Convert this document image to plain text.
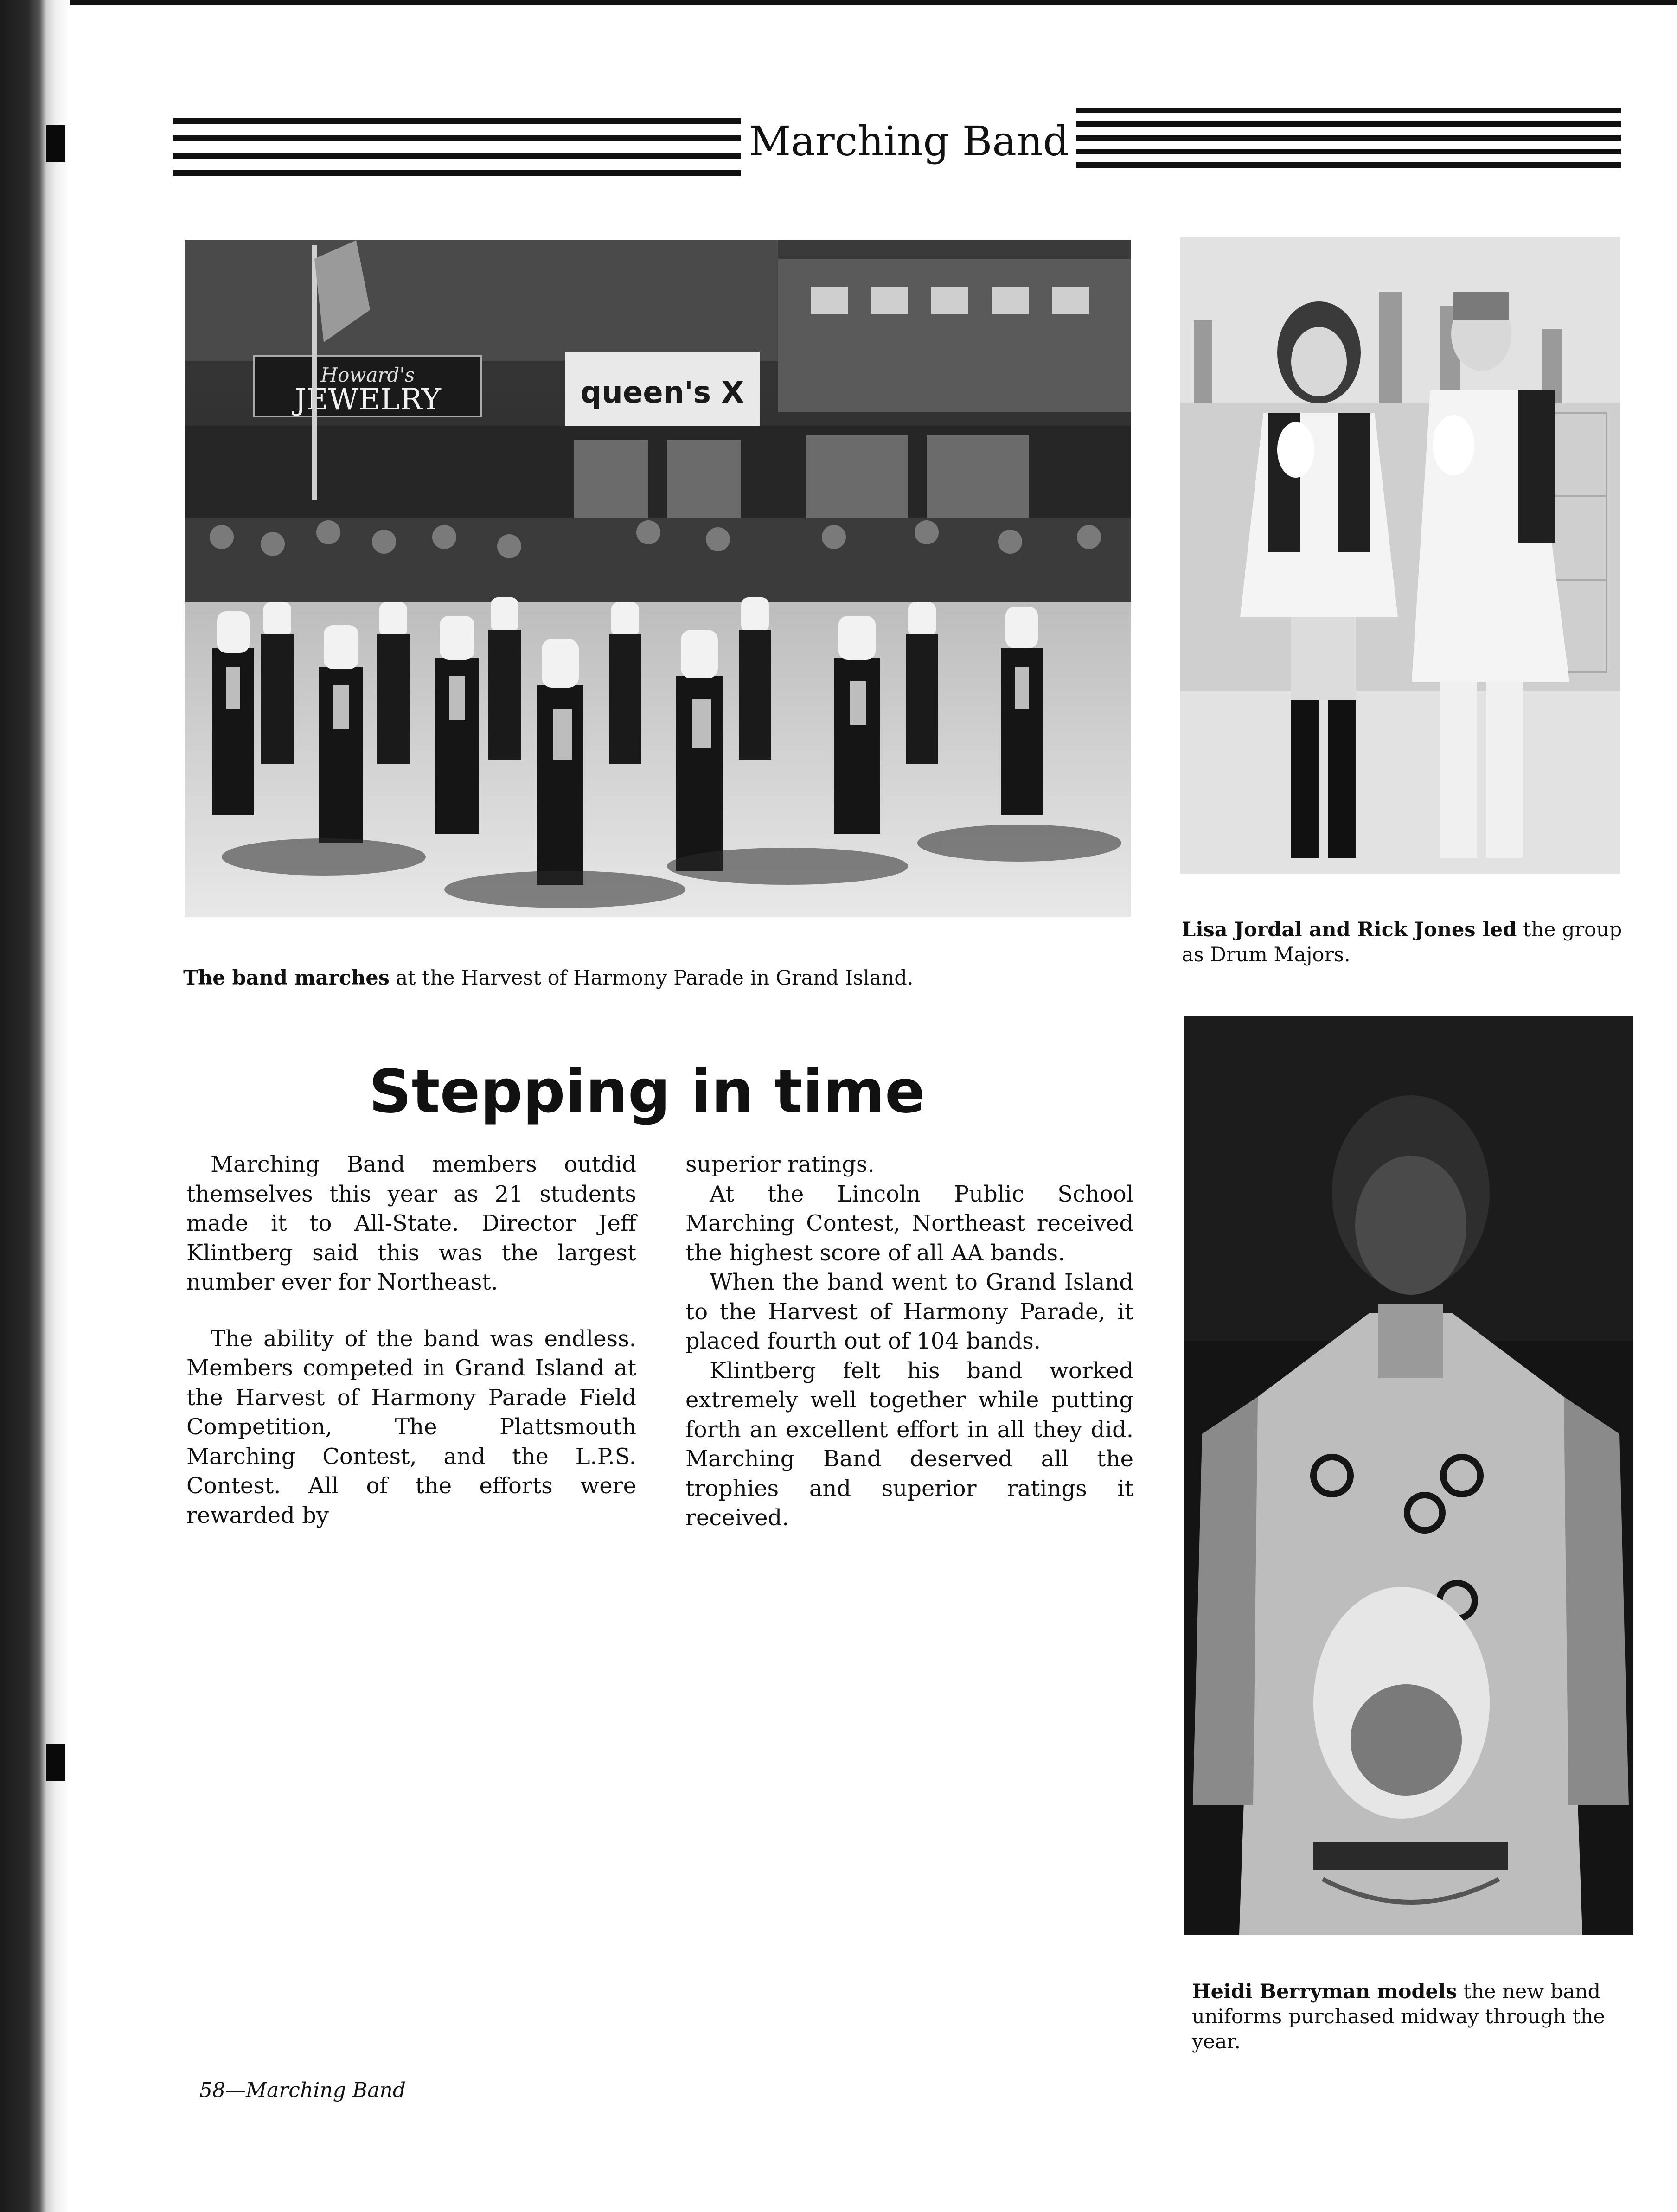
Marching Band
Howard's
JEWELRY	queen's X
The band marches at the Harvest of Harmony Parade in Grand Island.
Lisa Jordal and Rick Jones led the group as Drum Majors.
Heidi Berryman models the new band uniforms purchased midway through the year.
Stepping in time

Marching Band members outdid themselves this year as 21 students made it to All-State. Director Jeff Klintberg said this was the largest number ever for Northeast.

The ability of the band was endless. Members competed in Grand Island at the Harvest of Harmony Parade Field Competition, The Plattsmouth Marching Contest, and the L.P.S. Contest. All of the efforts were rewarded by

superior ratings.

At the Lincoln Public School Marching Contest, Northeast received the highest score of all AA bands.

When the band went to Grand Island to the Harvest of Harmony Parade, it placed fourth out of 104 bands.

Klintberg felt his band worked extremely well together while putting forth an excellent effort in all they did. Marching Band deserved all the trophies and superior ratings it received.

58—Marching Band
